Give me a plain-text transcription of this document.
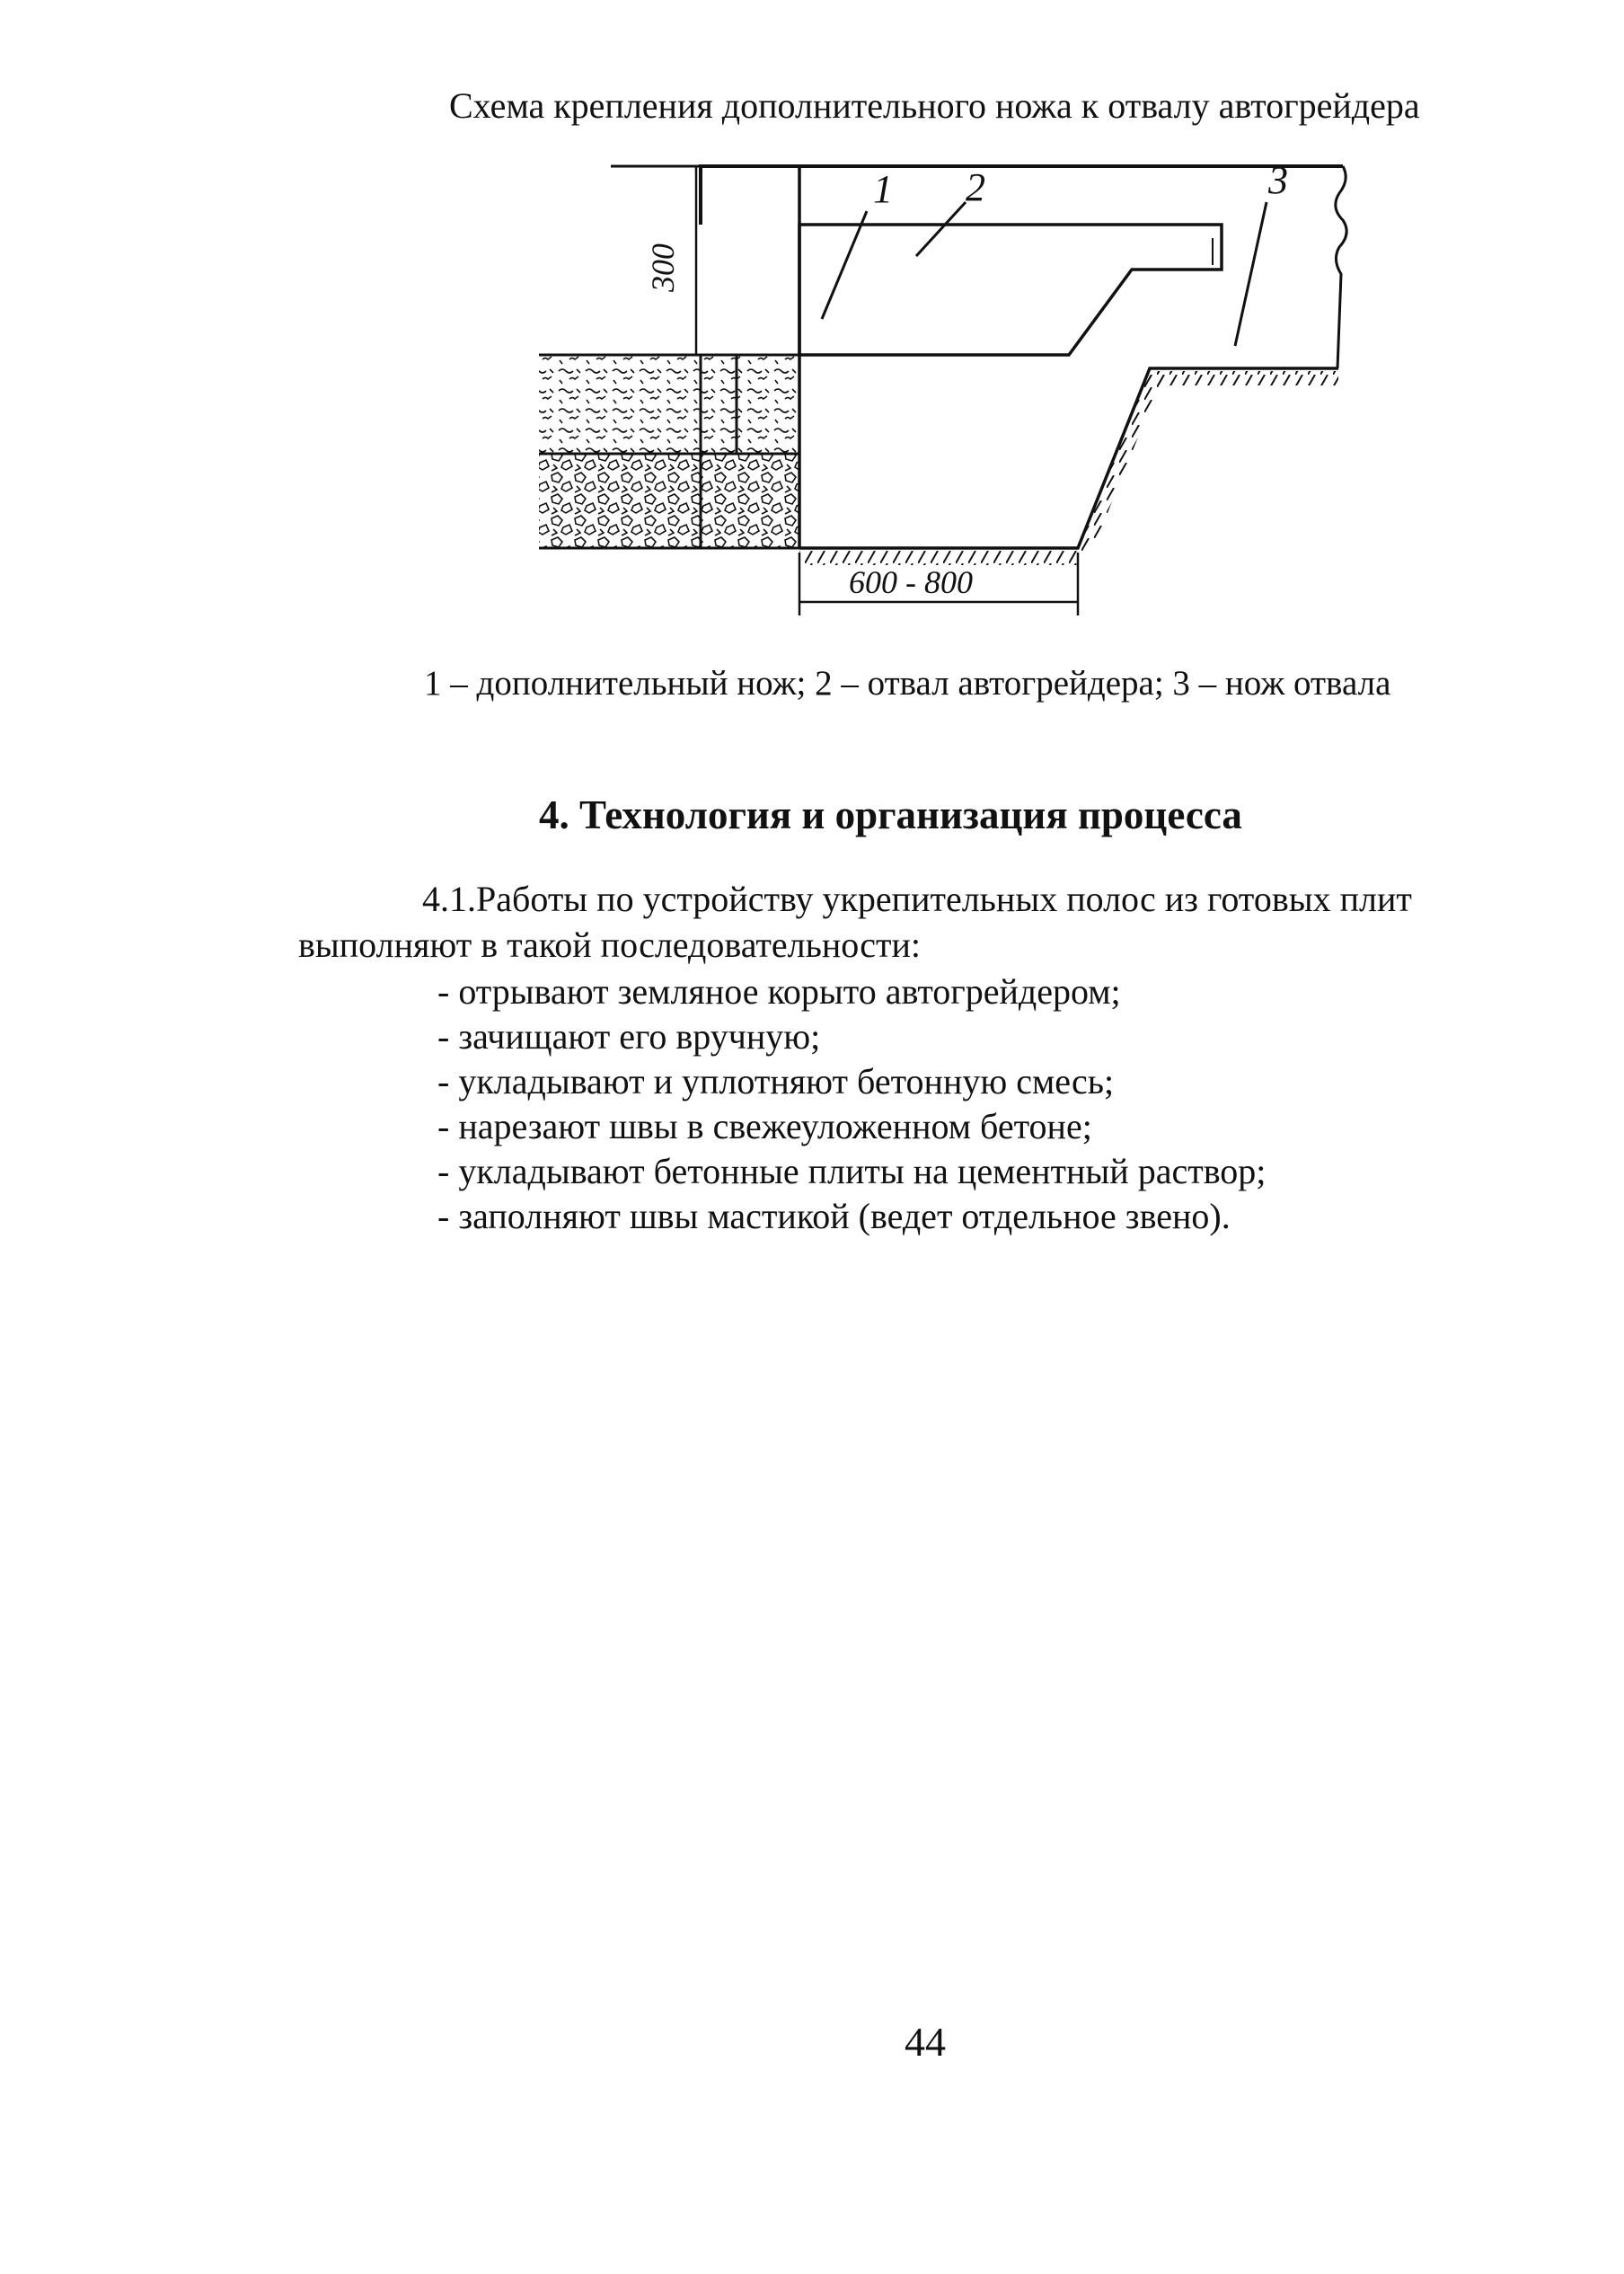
Схема крепления дополнительного ножа к отвалу автогрейдера
1 2	3
300
600 - 800
1 – дополнительный нож; 2 – отвал автогрейдера; 3 – нож отвала
4. Технология и организация процесса
4.1.Работы по устройству укрепительных полос из готовых плит
выполняют в такой последовательности:
- отрывают земляное корыто автогрейдером;
- зачищают его вручную;
- укладывают и уплотняют бетонную смесь;
- нарезают швы в свежеуложенном бетоне;
- укладывают бетонные плиты на цементный раствор;
- заполняют швы мастикой (ведет отдельное звено).
44
